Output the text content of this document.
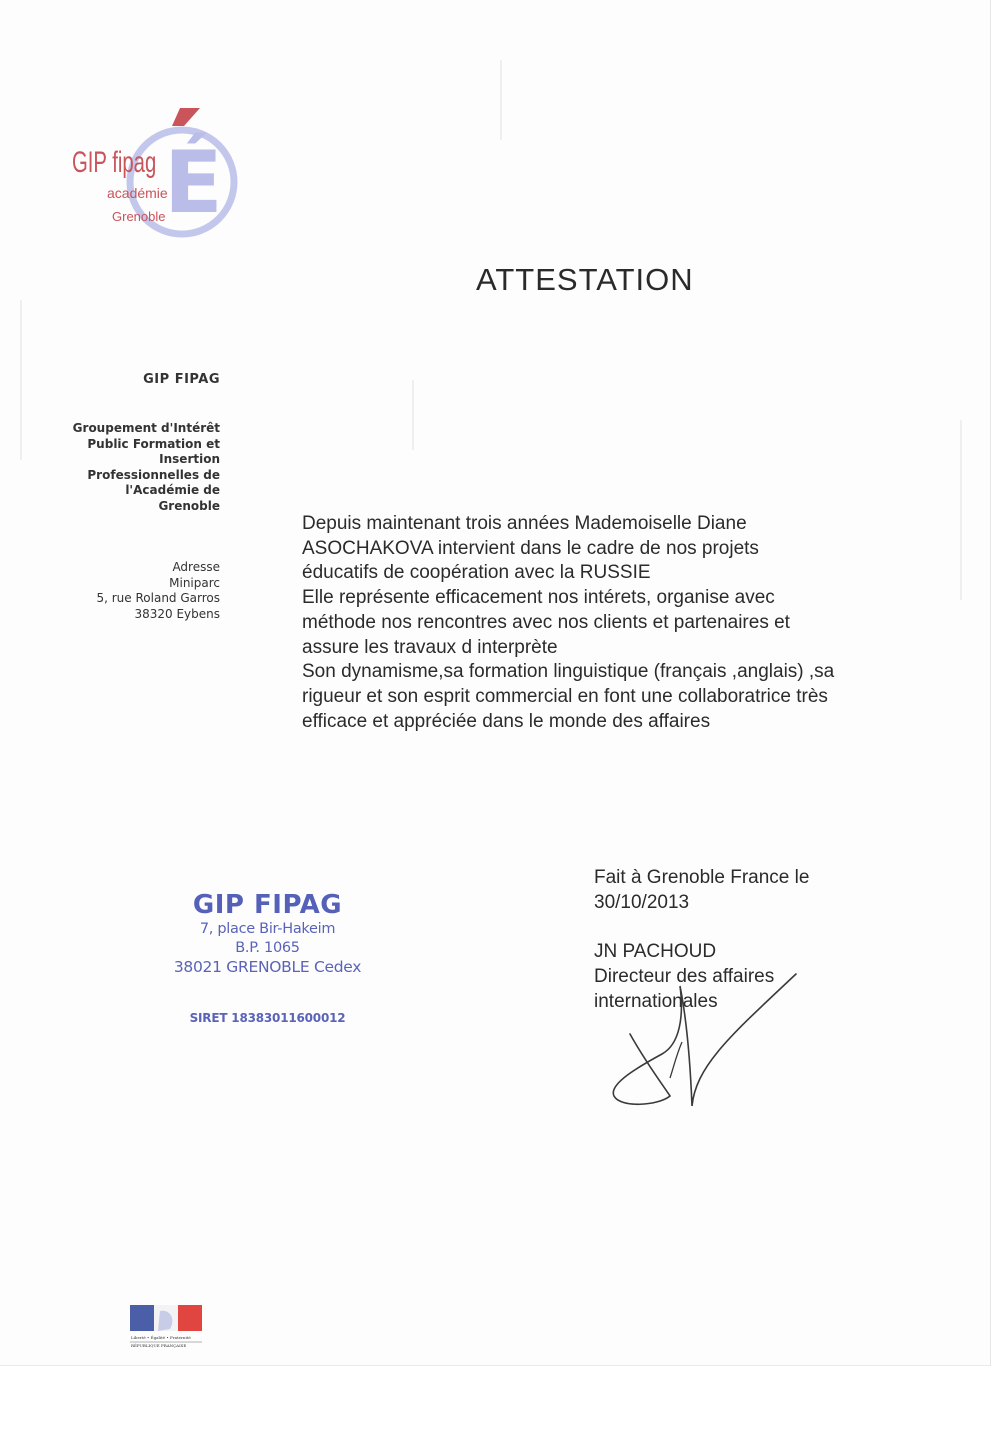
É
GIP fipag
académie
Grenoble
ATTESTATION
GIP FIPAG
Groupement d'Intérêt
Public Formation et
Insertion
Professionnelles de
l'Académie de
Grenoble
Adresse
Miniparc
5, rue Roland Garros
38320 Eybens
Depuis maintenant trois années Mademoiselle Diane
ASOCHAKOVA intervient dans le cadre de nos projets
éducatifs de coopération avec la RUSSIE
Elle représente efficacement nos intérets, organise avec
méthode nos rencontres avec nos clients et partenaires et
assure les travaux d interprète
Son dynamisme,sa formation linguistique (français ,anglais) ,sa
rigueur et son esprit commercial en font une collaboratrice très
efficace et appréciée dans le monde des affaires
GIP FIPAG
7, place Bir-Hakeim
B.P. 1065
38021 GRENOBLE Cedex
SIRET 18383011600012
Fait à Grenoble France le
30/10/2013
JN PACHOUD
Directeur des affaires
internationales
Liberté • Égalité • Fraternité
RÉPUBLIQUE FRANÇAISE
